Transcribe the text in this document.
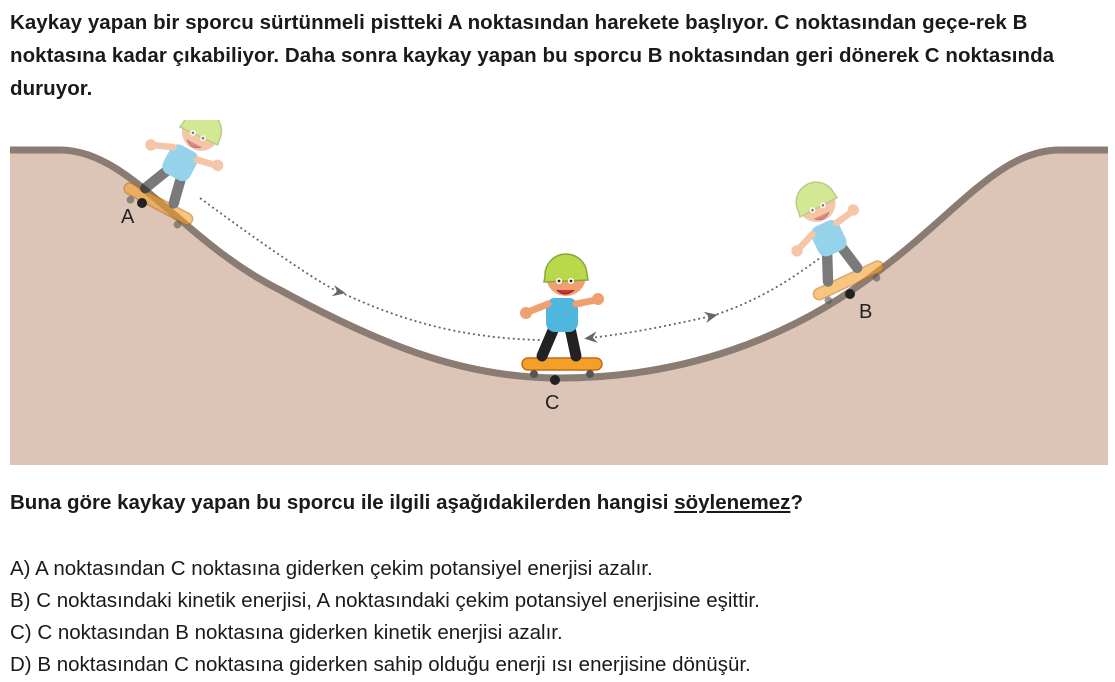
Kaykay yapan bir sporcu sürtünmeli pistteki A noktasından harekete başlıyor. C noktasından geçe-rek B noktasına kadar çıkabiliyor. Daha sonra kaykay yapan bu sporcu B noktasından geri dönerek C noktasında duruyor.

A
B
C

Buna göre kaykay yapan bu sporcu ile ilgili aşağıdakilerden hangisi söylenemez?

A) A noktasından C noktasına giderken çekim potansiyel enerjisi azalır.
B) C noktasındaki kinetik enerjisi, A noktasındaki çekim potansiyel enerjisine eşittir.
C) C noktasından B noktasına giderken kinetik enerjisi azalır.
D) B noktasından C noktasına giderken sahip olduğu enerji ısı enerjisine dönüşür.
